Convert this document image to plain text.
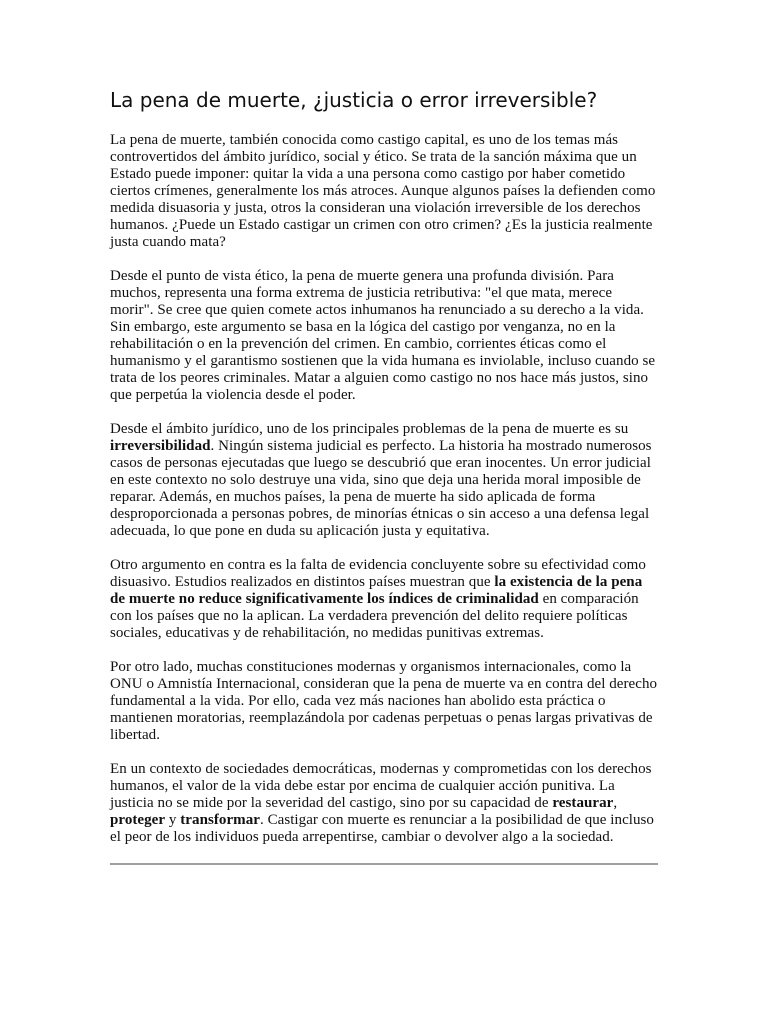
La pena de muerte, ¿justicia o error irreversible?

La pena de muerte, también conocida como castigo capital, es uno de los temas más controvertidos del ámbito jurídico, social y ético. Se trata de la sanción máxima que un Estado puede imponer: quitar la vida a una persona como castigo por haber cometido ciertos crímenes, generalmente los más atroces. Aunque algunos países la defienden como medida disuasoria y justa, otros la consideran una violación irreversible de los derechos humanos. ¿Puede un Estado castigar un crimen con otro crimen? ¿Es la justicia realmente justa cuando mata?

Desde el punto de vista ético, la pena de muerte genera una profunda división. Para muchos, representa una forma extrema de justicia retributiva: "el que mata, merece morir". Se cree que quien comete actos inhumanos ha renunciado a su derecho a la vida. Sin embargo, este argumento se basa en la lógica del castigo por venganza, no en la rehabilitación o en la prevención del crimen. En cambio, corrientes éticas como el humanismo y el garantismo sostienen que la vida humana es inviolable, incluso cuando se trata de los peores criminales. Matar a alguien como castigo no nos hace más justos, sino que perpetúa la violencia desde el poder.

Desde el ámbito jurídico, uno de los principales problemas de la pena de muerte es su irreversibilidad. Ningún sistema judicial es perfecto. La historia ha mostrado numerosos casos de personas ejecutadas que luego se descubrió que eran inocentes. Un error judicial en este contexto no solo destruye una vida, sino que deja una herida moral imposible de reparar. Además, en muchos países, la pena de muerte ha sido aplicada de forma desproporcionada a personas pobres, de minorías étnicas o sin acceso a una defensa legal adecuada, lo que pone en duda su aplicación justa y equitativa.

Otro argumento en contra es la falta de evidencia concluyente sobre su efectividad como disuasivo. Estudios realizados en distintos países muestran que la existencia de la pena de muerte no reduce significativamente los índices de criminalidad en comparación con los países que no la aplican. La verdadera prevención del delito requiere políticas sociales, educativas y de rehabilitación, no medidas punitivas extremas.

Por otro lado, muchas constituciones modernas y organismos internacionales, como la ONU o Amnistía Internacional, consideran que la pena de muerte va en contra del derecho fundamental a la vida. Por ello, cada vez más naciones han abolido esta práctica o mantienen moratorias, reemplazándola por cadenas perpetuas o penas largas privativas de libertad.

En un contexto de sociedades democráticas, modernas y comprometidas con los derechos humanos, el valor de la vida debe estar por encima de cualquier acción punitiva. La justicia no se mide por la severidad del castigo, sino por su capacidad de restaurar, proteger y transformar. Castigar con muerte es renunciar a la posibilidad de que incluso el peor de los individuos pueda arrepentirse, cambiar o devolver algo a la sociedad.
